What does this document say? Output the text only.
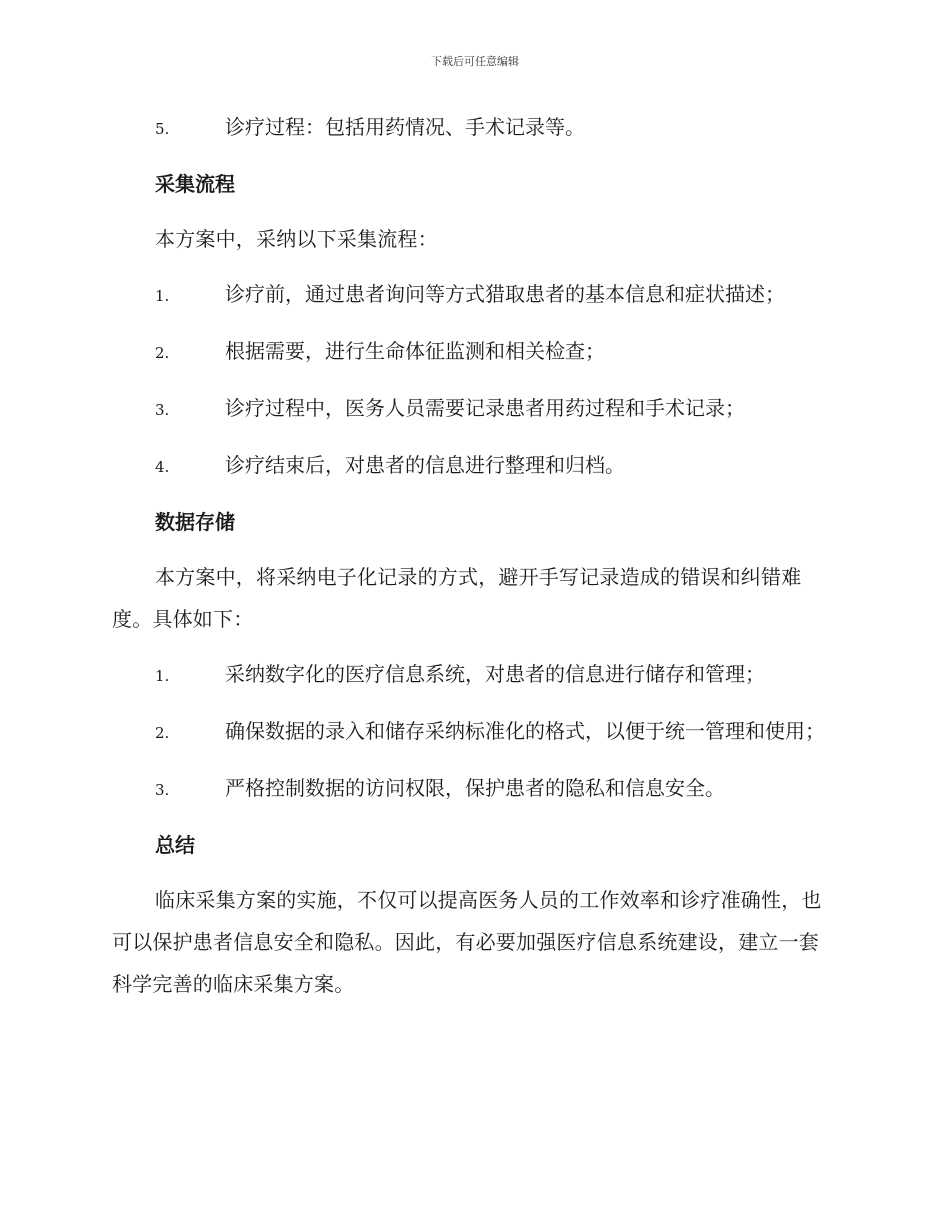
下载后可任意编辑
5.	诊疗过程：包括用药情况、手术记录等。
采集流程
本方案中，采纳以下采集流程：
1.	诊疗前，通过患者询问等方式猎取患者的基本信息和症状描述；
2.	根据需要，进行生命体征监测和相关检查；
3.	诊疗过程中，医务人员需要记录患者用药过程和手术记录；
4.	诊疗结束后，对患者的信息进行整理和归档。
数据存储
本方案中，将采纳电子化记录的方式，避开手写记录造成的错误和纠错难度。具体如下：
1.	采纳数字化的医疗信息系统，对患者的信息进行储存和管理；
2.	确保数据的录入和储存采纳标准化的格式，以便于统一管理和使用；
3.	严格控制数据的访问权限，保护患者的隐私和信息安全。
总结
临床采集方案的实施，不仅可以提高医务人员的工作效率和诊疗准确性，也可以保护患者信息安全和隐私。因此，有必要加强医疗信息系统建设，建立一套科学完善的临床采集方案。
